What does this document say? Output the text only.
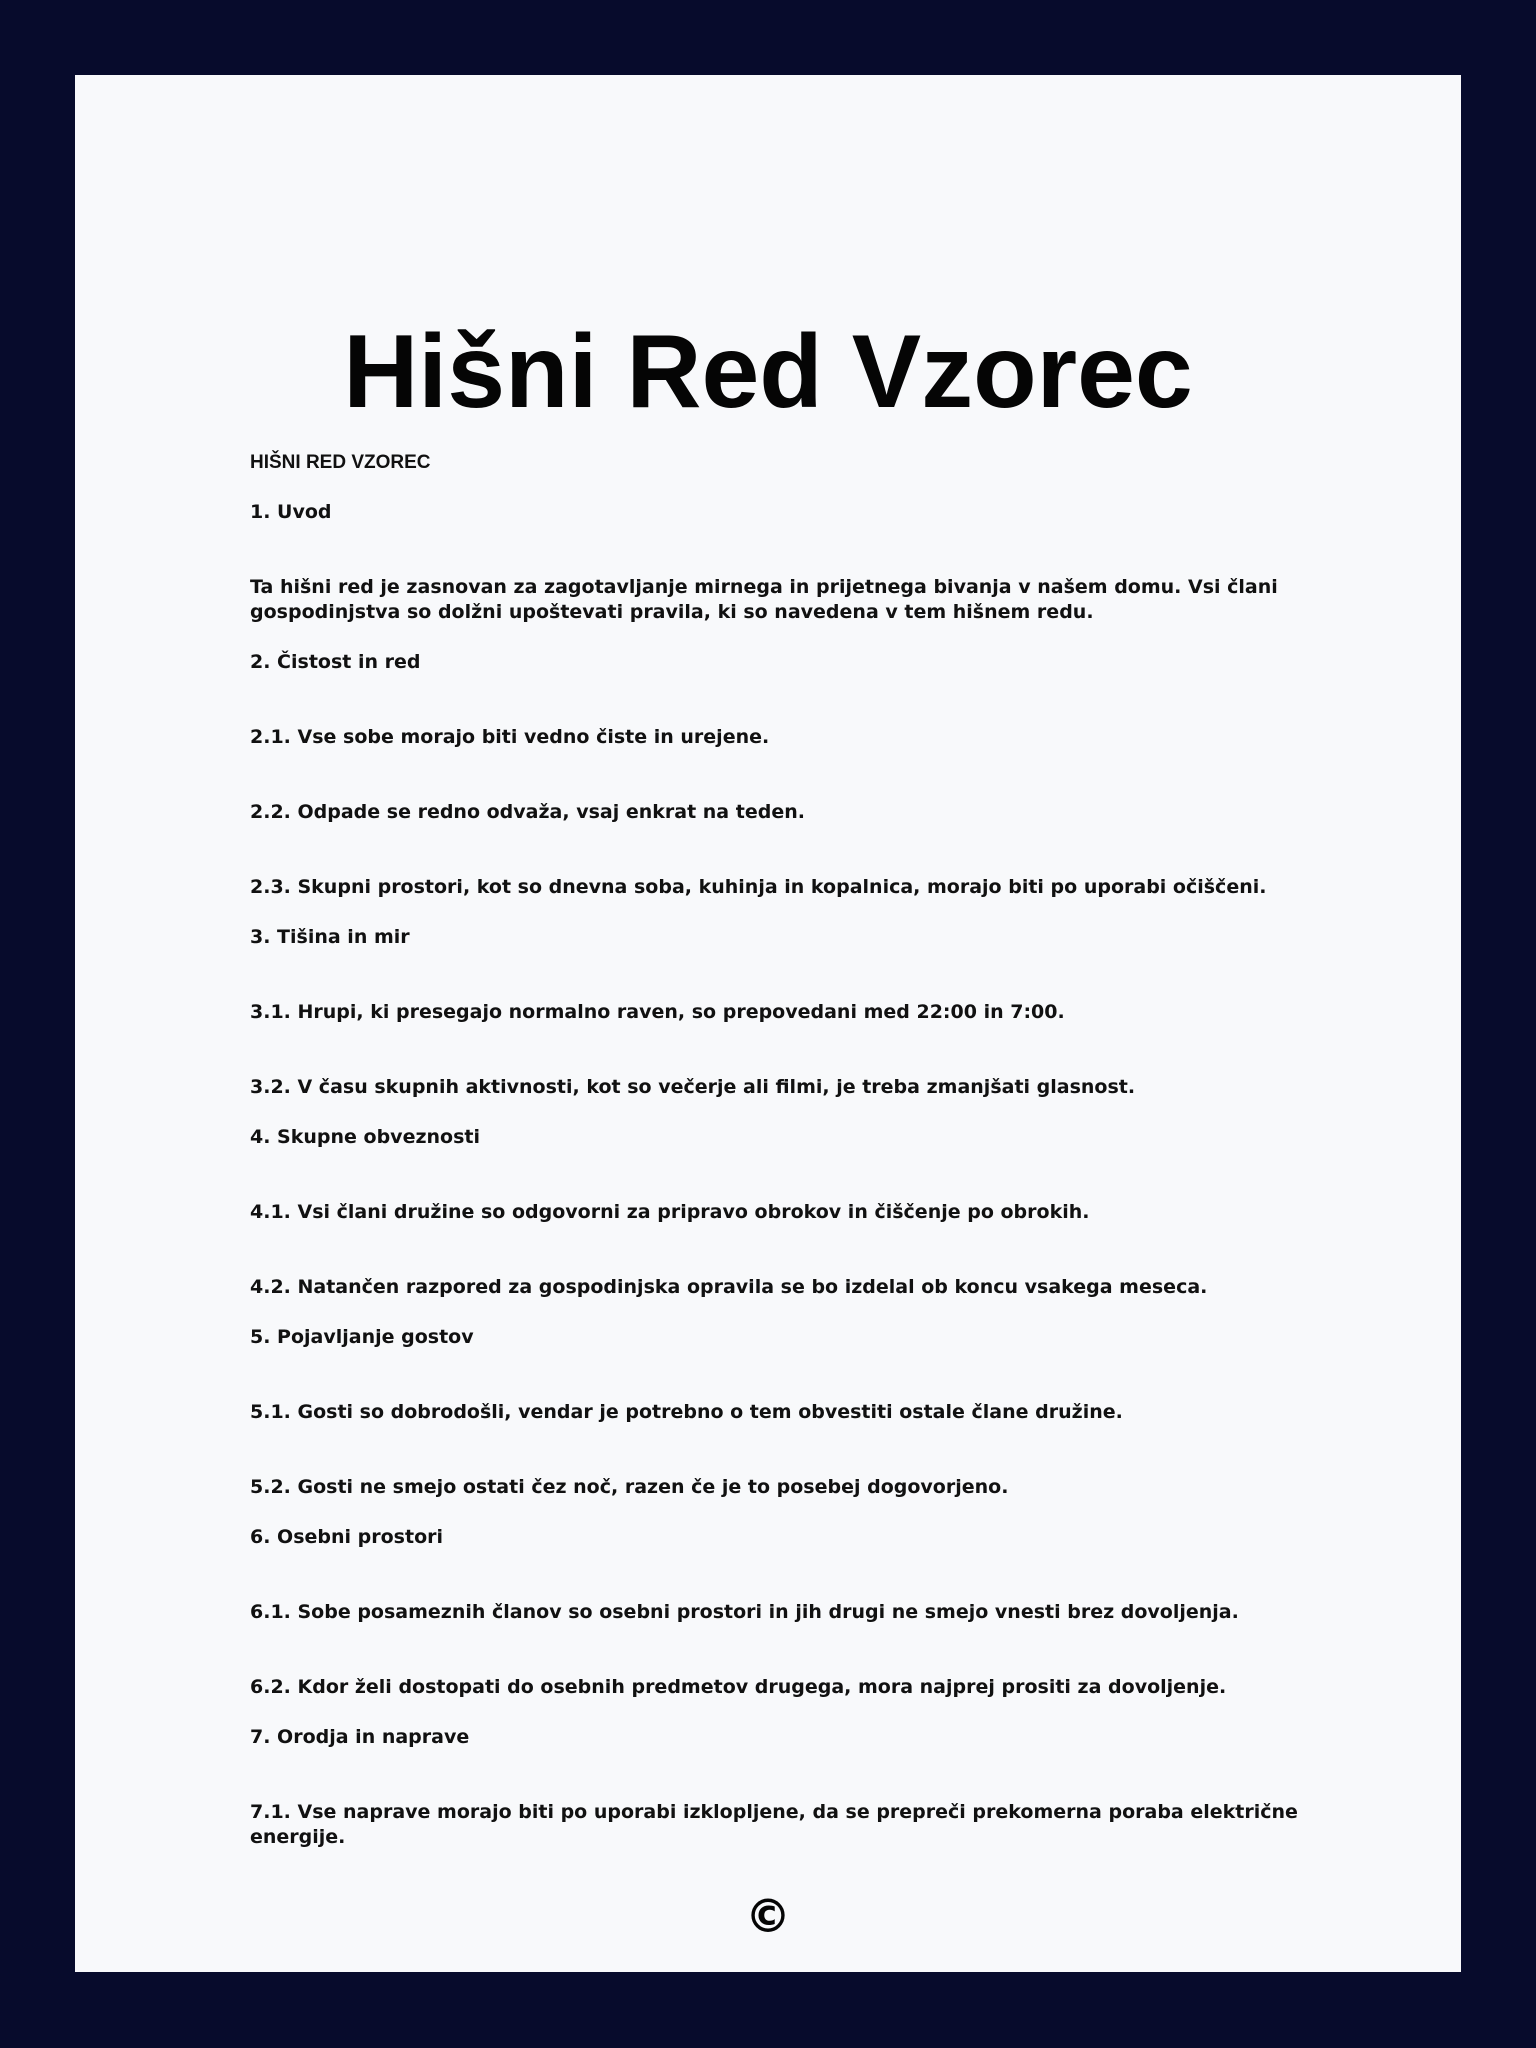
Hišni Red Vzorec

HIŠNI RED VZOREC

1. Uvod

Ta hišni red je zasnovan za zagotavljanje mirnega in prijetnega bivanja v našem domu. Vsi člani gospodinjstva so dolžni upoštevati pravila, ki so navedena v tem hišnem redu.

2. Čistost in red

2.1. Vse sobe morajo biti vedno čiste in urejene.

2.2. Odpade se redno odvaža, vsaj enkrat na teden.

2.3. Skupni prostori, kot so dnevna soba, kuhinja in kopalnica, morajo biti po uporabi očiščeni.

3. Tišina in mir

3.1. Hrupi, ki presegajo normalno raven, so prepovedani med 22:00 in 7:00.

3.2. V času skupnih aktivnosti, kot so večerje ali filmi, je treba zmanjšati glasnost.

4. Skupne obveznosti

4.1. Vsi člani družine so odgovorni za pripravo obrokov in čiščenje po obrokih.

4.2. Natančen razpored za gospodinjska opravila se bo izdelal ob koncu vsakega meseca.

5. Pojavljanje gostov

5.1. Gosti so dobrodošli, vendar je potrebno o tem obvestiti ostale člane družine.

5.2. Gosti ne smejo ostati čez noč, razen če je to posebej dogovorjeno.

6. Osebni prostori

6.1. Sobe posameznih članov so osebni prostori in jih drugi ne smejo vnesti brez dovoljenja.

6.2. Kdor želi dostopati do osebnih predmetov drugega, mora najprej prositi za dovoljenje.

7. Orodja in naprave

7.1. Vse naprave morajo biti po uporabi izklopljene, da se prepreči prekomerna poraba električne energije.

©
